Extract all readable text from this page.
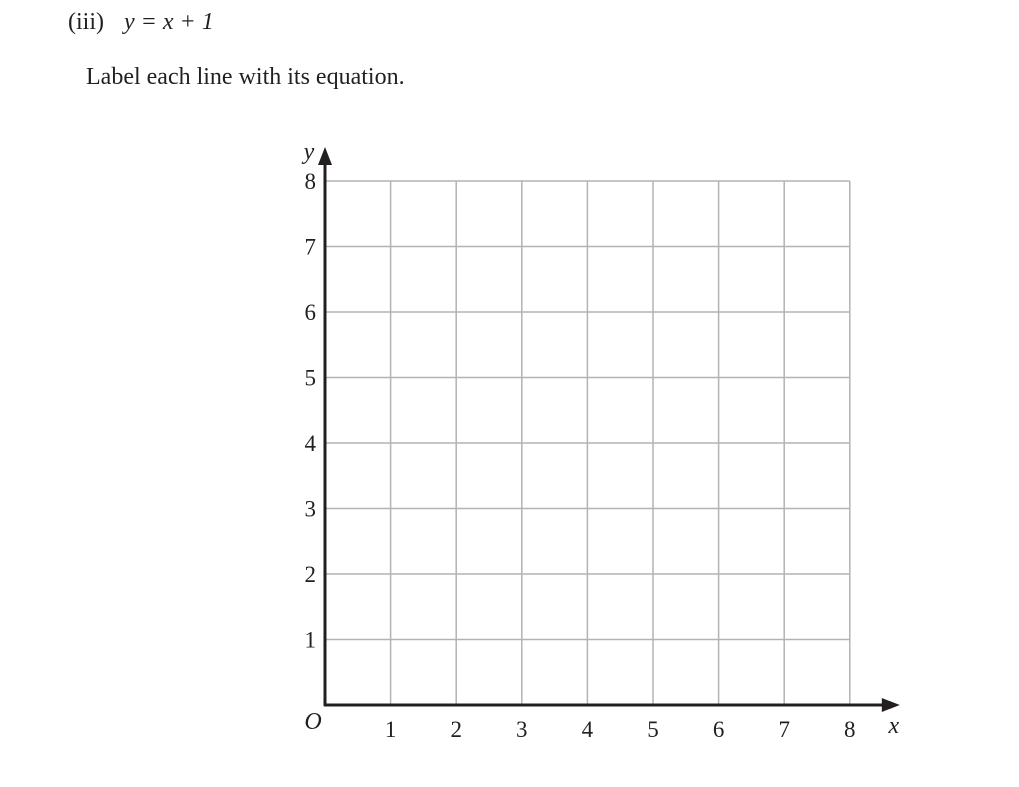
(iii) y = x + 1
Label each line with its equation.
1 2 3 4 5 6 7 8
1
2
3
4
5
6
7
8
O	x
y
